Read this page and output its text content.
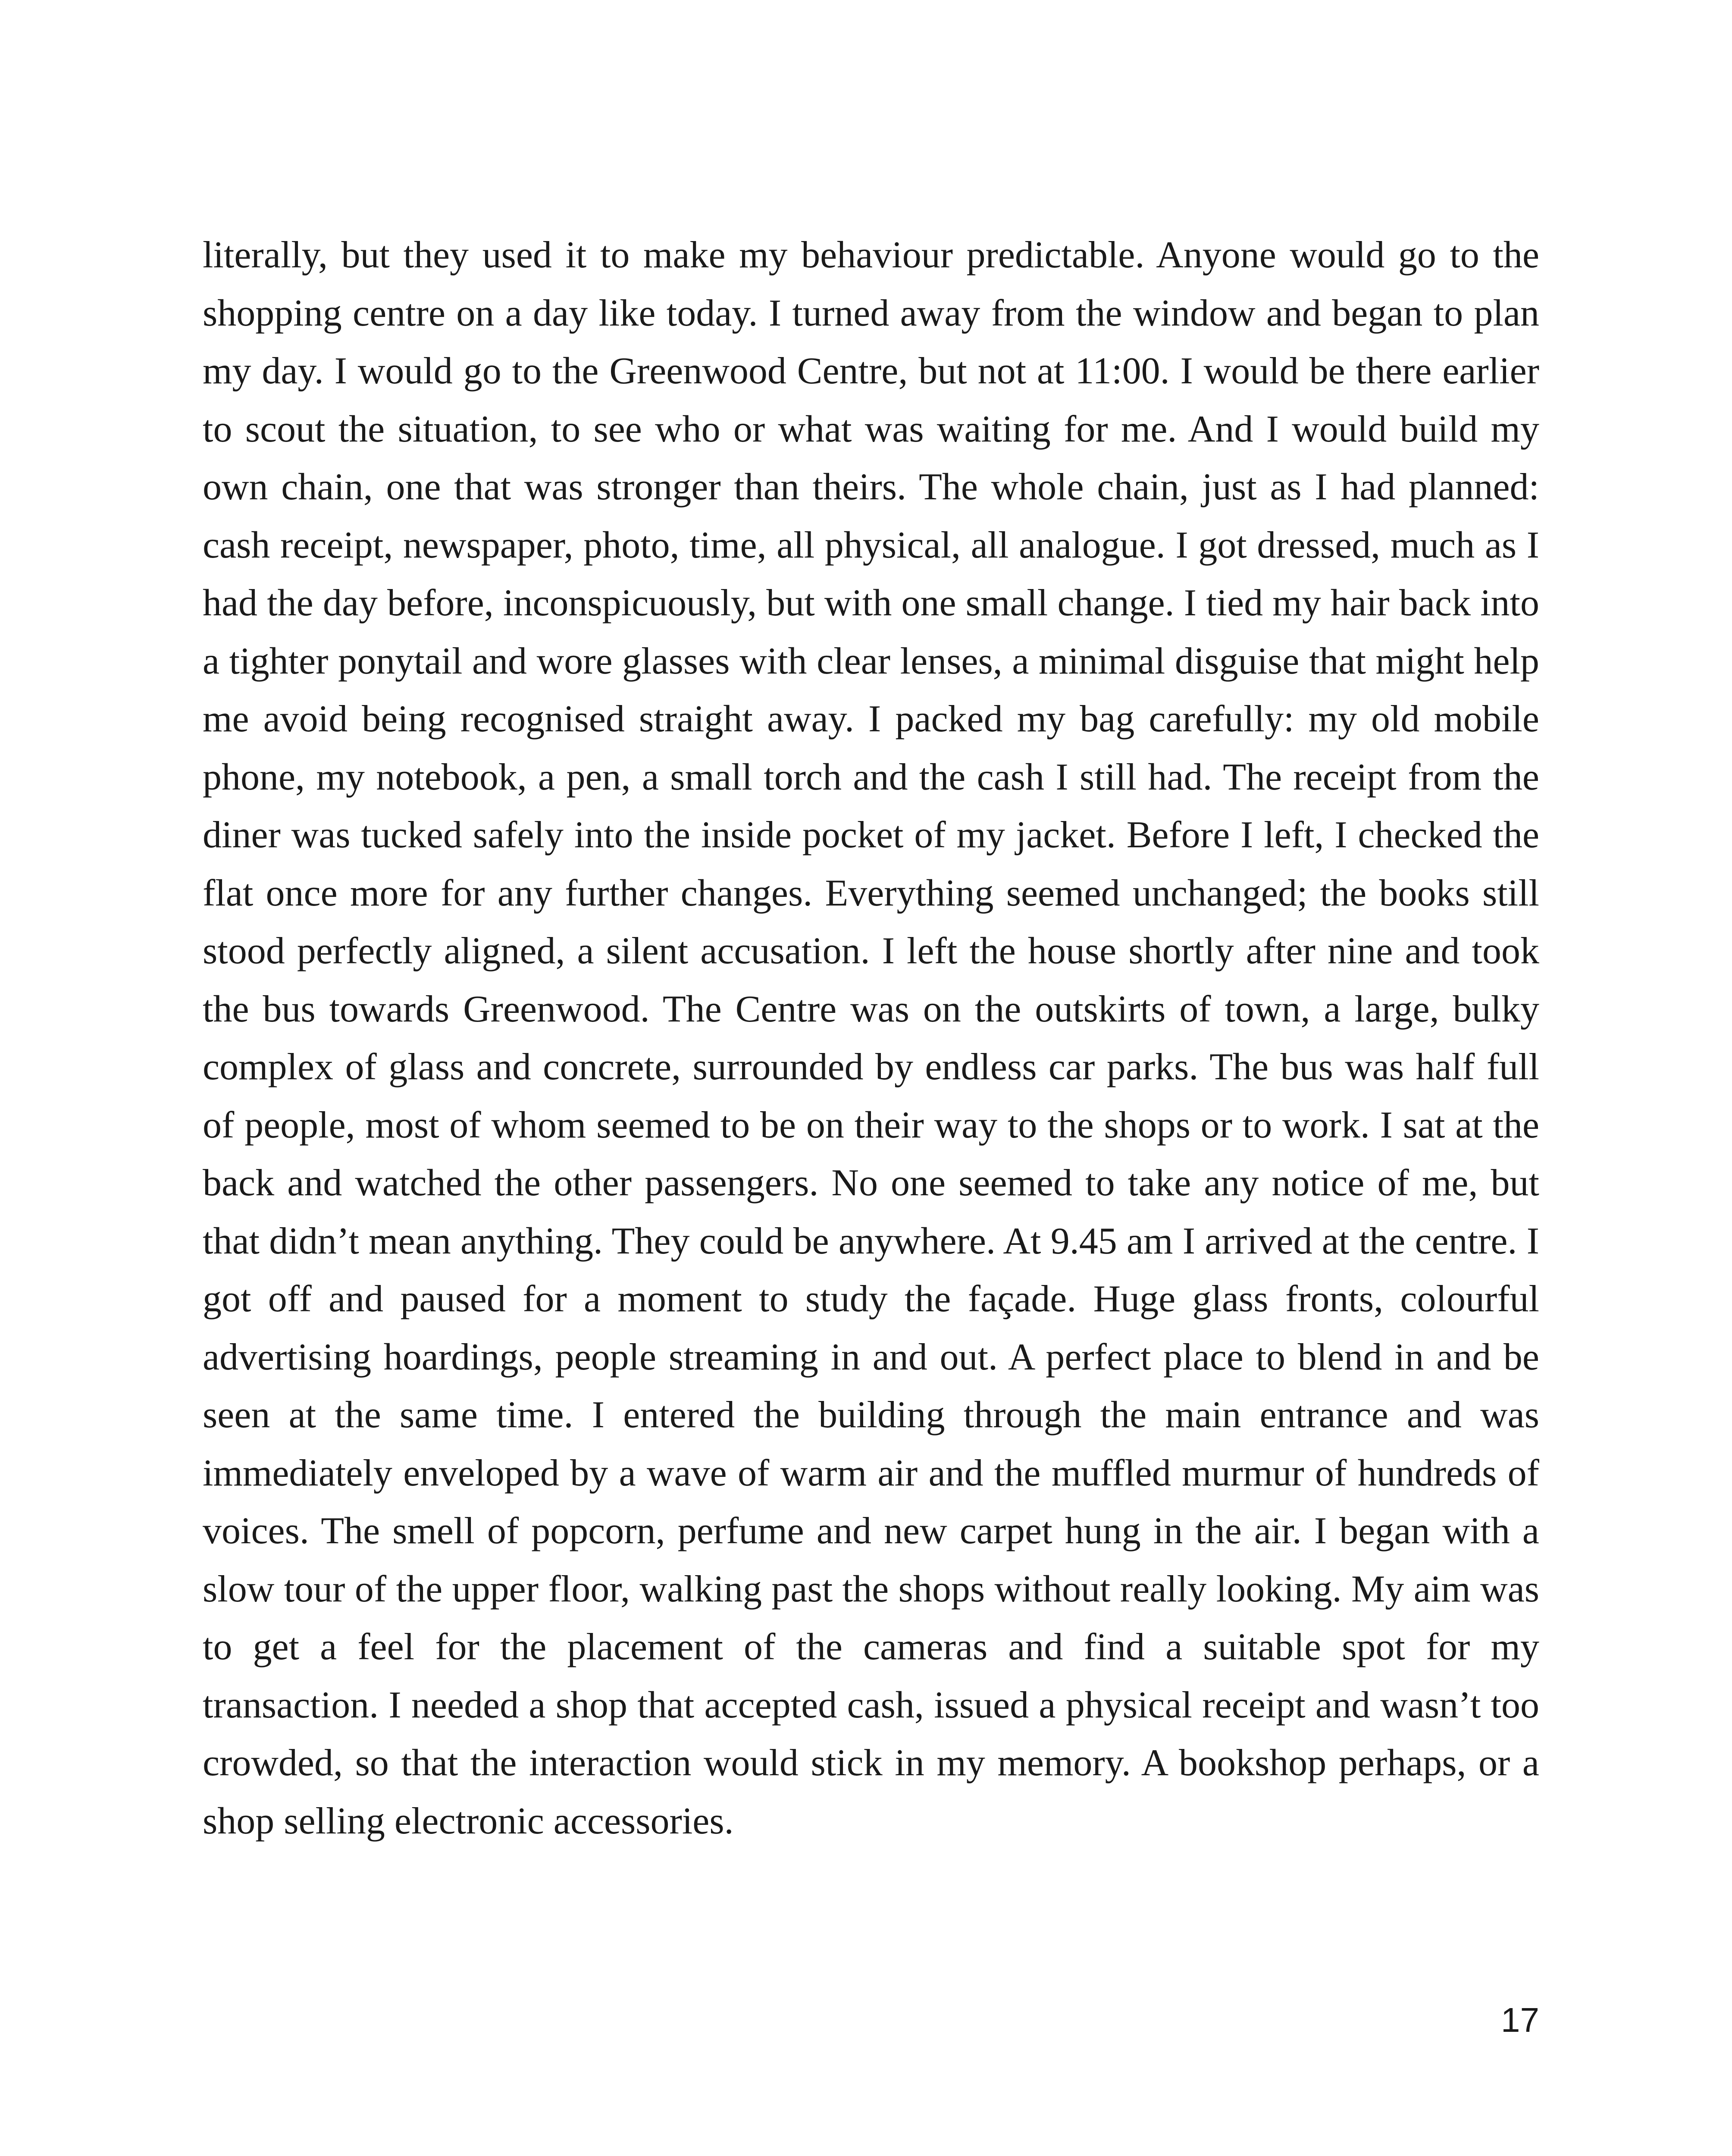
literally, but they used it to make my behaviour predictable. Anyone would go to the shopping centre on a day like today. I turned away from the window and began to plan my day. I would go to the Greenwood Centre, but not at 11:00. I would be there earlier to scout the situation, to see who or what was waiting for me. And I would build my own chain, one that was stronger than theirs. The whole chain, just as I had planned: cash receipt, newspaper, photo, time, all physical, all analogue. I got dressed, much as I had the day before, inconspicuously, but with one small change. I tied my hair back into a tighter ponytail and wore glasses with clear lenses, a minimal disguise that might help me avoid being recognised straight away. I packed my bag carefully: my old mobile phone, my notebook, a pen, a small torch and the cash I still had. The receipt from the diner was tucked safely into the inside pocket of my jacket. Before I left, I checked the flat once more for any further changes. Everything seemed unchanged; the books still stood perfectly aligned, a silent accusation. I left the house shortly after nine and took the bus towards Greenwood. The Centre was on the outskirts of town, a large, bulky complex of glass and concrete, surrounded by endless car parks. The bus was half full of people, most of whom seemed to be on their way to the shops or to work. I sat at the back and watched the other passengers. No one seemed to take any notice of me, but that didn’t mean anything. They could be anywhere. At 9.45 am I arrived at the centre. I got off and paused for a moment to study the façade. Huge glass fronts, colourful advertising hoardings, people streaming in and out. A perfect place to blend in and be seen at the same time. I entered the building through the main entrance and was immediately enveloped by a wave of warm air and the muffled murmur of hundreds of voices. The smell of popcorn, perfume and new carpet hung in the air. I began with a slow tour of the upper floor, walking past the shops without really looking. My aim was to get a feel for the placement of the cameras and find a suitable spot for my transaction. I needed a shop that accepted cash, issued a physical receipt and wasn’t too crowded, so that the interaction would stick in my memory. A bookshop perhaps, or a shop selling electronic accessories.

17
